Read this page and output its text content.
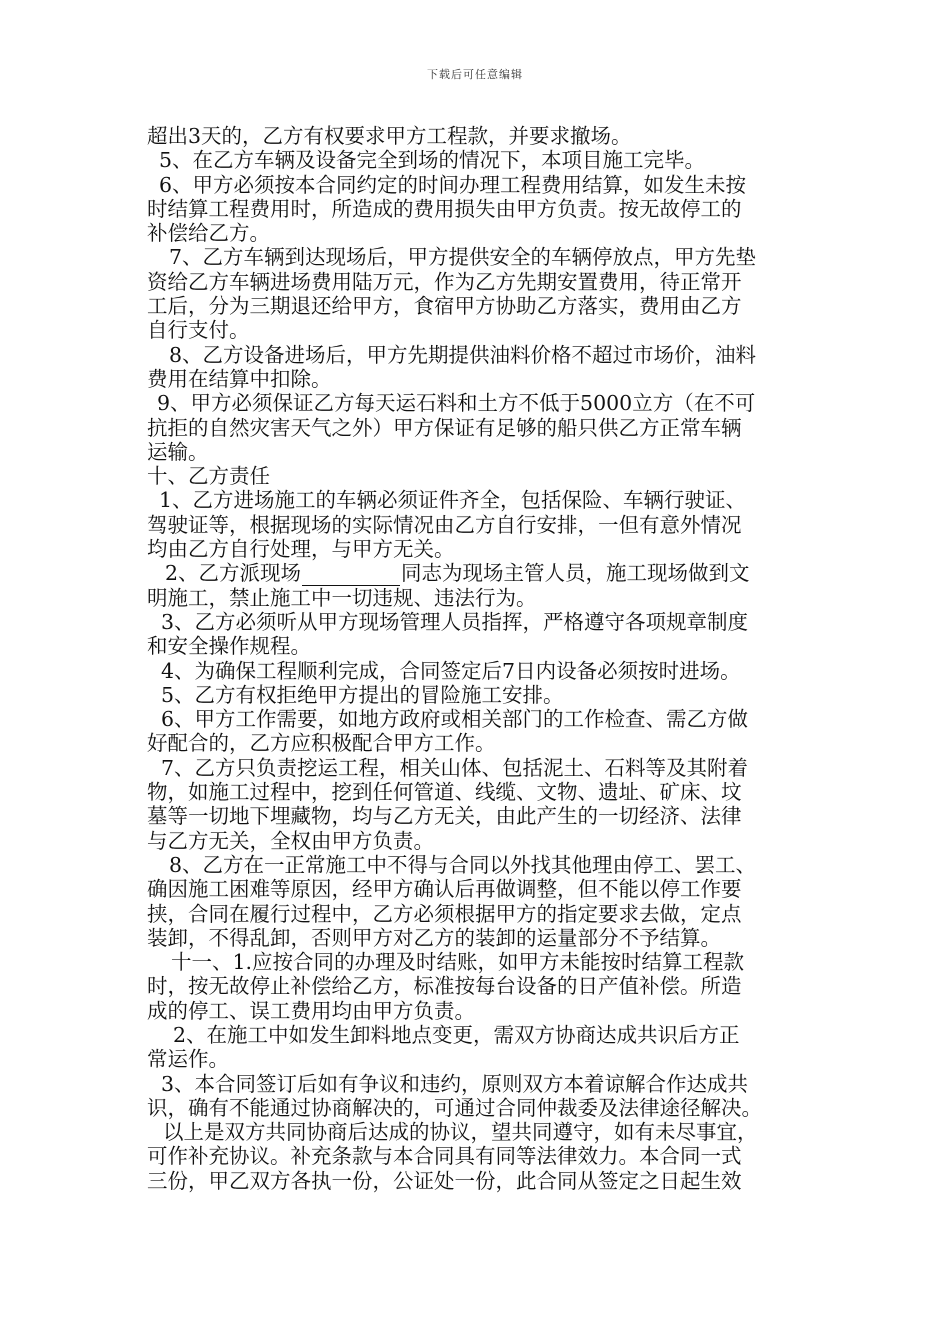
下载后可任意编辑
超出3天的，乙方有权要求甲方工程款，并要求撤场。
5、在乙方车辆及设备完全到场的情况下，本项目施工完毕。
6、甲方必须按本合同约定的时间办理工程费用结算，如发生未按
时结算工程费用时，所造成的费用损失由甲方负责。按无故停工的
补偿给乙方。
7、乙方车辆到达现场后，甲方提供安全的车辆停放点，甲方先垫
资给乙方车辆进场费用陆万元，作为乙方先期安置费用，待正常开
工后，分为三期退还给甲方，食宿甲方协助乙方落实，费用由乙方
自行支付。
8、乙方设备进场后，甲方先期提供油料价格不超过市场价，油料
费用在结算中扣除。
9、甲方必须保证乙方每天运石料和土方不低于5000立方（在不可
抗拒的自然灾害天气之外）甲方保证有足够的船只供乙方正常车辆
运输。
十、乙方责任
1、乙方进场施工的车辆必须证件齐全，包括保险、车辆行驶证、
驾驶证等，根据现场的实际情况由乙方自行安排，一但有意外情况
均由乙方自行处理，与甲方无关。
2、乙方派现场	同志为现场主管人员，施工现场做到文
明施工，禁止施工中一切违规、违法行为。
3、乙方必须听从甲方现场管理人员指挥，严格遵守各项规章制度
和安全操作规程。
4、为确保工程顺利完成，合同签定后7日内设备必须按时进场。
5、乙方有权拒绝甲方提出的冒险施工安排。
6、甲方工作需要，如地方政府或相关部门的工作检查、需乙方做
好配合的，乙方应积极配合甲方工作。
7、乙方只负责挖运工程，相关山体、包括泥土、石料等及其附着
物，如施工过程中，挖到任何管道、线缆、文物、遗址、矿床、坟
墓等一切地下埋藏物，均与乙方无关，由此产生的一切经济、法律
与乙方无关，全权由甲方负责。
8、乙方在一正常施工中不得与合同以外找其他理由停工、罢工、
确因施工困难等原因，经甲方确认后再做调整，但不能以停工作要
挟，合同在履行过程中，乙方必须根据甲方的指定要求去做，定点
装卸，不得乱卸，否则甲方对乙方的装卸的运量部分不予结算。
十一、1.应按合同的办理及时结账，如甲方未能按时结算工程款
时，按无故停止补偿给乙方，标准按每台设备的日产值补偿。所造
成的停工、误工费用均由甲方负责。
2、在施工中如发生卸料地点变更，需双方协商达成共识后方正
常运作。
3、本合同签订后如有争议和违约，原则双方本着谅解合作达成共
识，确有不能通过协商解决的，可通过合同仲裁委及法律途径解决。
以上是双方共同协商后达成的协议，望共同遵守，如有未尽事宜，
可作补充协议。补充条款与本合同具有同等法律效力。本合同一式
三份，甲乙双方各执一份，公证处一份，此合同从签定之日起生效
